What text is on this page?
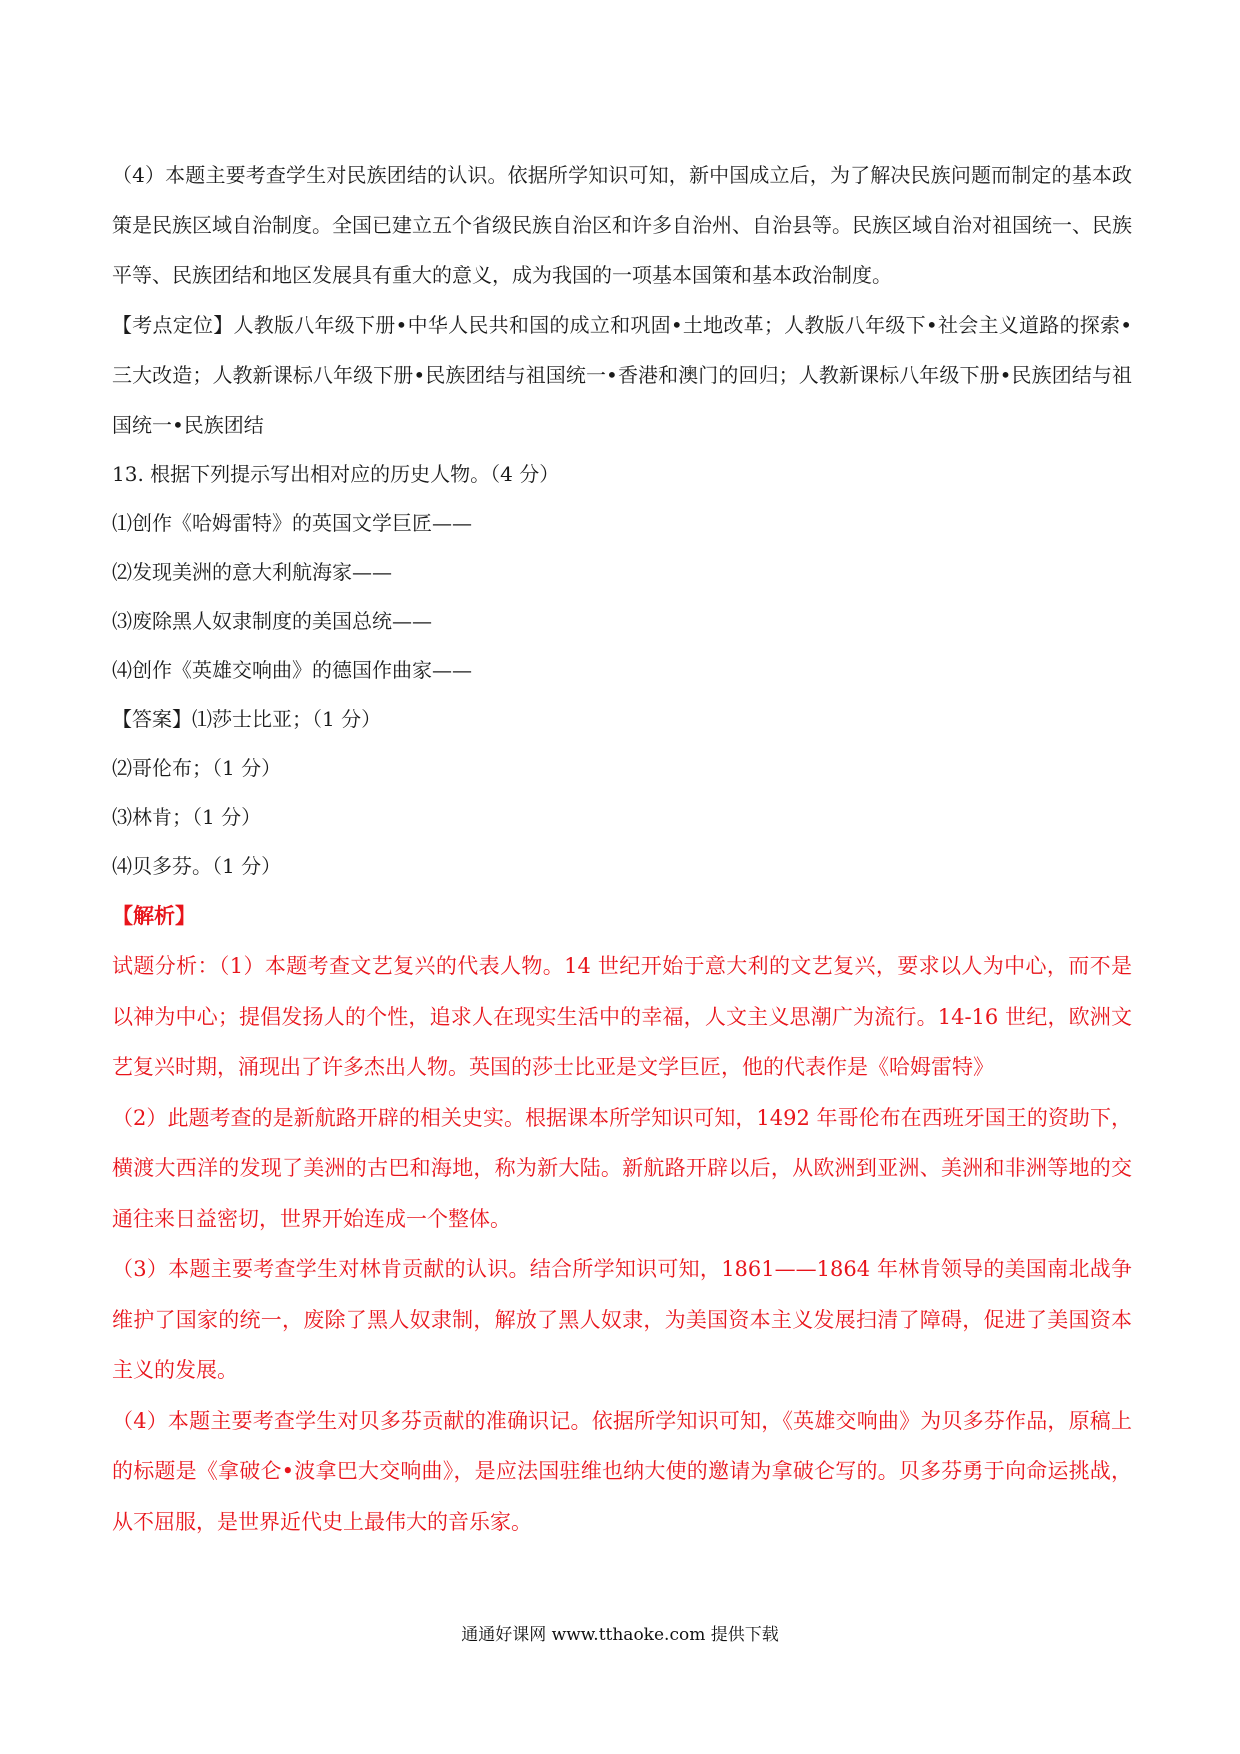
（4）本题主要考查学生对民族团结的认识。依据所学知识可知，新中国成立后，为了解决民族问题而制定的基本政策是民族区域自治制度。全国已建立五个省级民族自治区和许多自治州、自治县等。民族区域自治对祖国统一、民族平等、民族团结和地区发展具有重大的意义，成为我国的一项基本国策和基本政治制度。

【考点定位】人教版八年级下册•中华人民共和国的成立和巩固•土地改革；人教版八年级下•社会主义道路的探索•三大改造；人教新课标八年级下册•民族团结与祖国统一•香港和澳门的回归；人教新课标八年级下册•民族团结与祖国统一•民族团结

13. 根据下列提示写出相对应的历史人物。（4 分）

⑴创作《哈姆雷特》的英国文学巨匠——

⑵发现美洲的意大利航海家——

⑶废除黑人奴隶制度的美国总统——

⑷创作《英雄交响曲》的德国作曲家——

【答案】⑴莎士比亚；（1 分）

⑵哥伦布；（1 分）

⑶林肯；（1 分）

⑷贝多芬。（1 分）

【解析】

试题分析：（1）本题考查文艺复兴的代表人物。14 世纪开始于意大利的文艺复兴，要求以人为中心，而不是以神为中心；提倡发扬人的个性，追求人在现实生活中的幸福，人文主义思潮广为流行。14-16 世纪，欧洲文艺复兴时期，涌现出了许多杰出人物。英国的莎士比亚是文学巨匠，他的代表作是《哈姆雷特》

（2）此题考查的是新航路开辟的相关史实。根据课本所学知识可知，1492 年哥伦布在西班牙国王的资助下，横渡大西洋的发现了美洲的古巴和海地，称为新大陆。新航路开辟以后，从欧洲到亚洲、美洲和非洲等地的交通往来日益密切，世界开始连成一个整体。

（3）本题主要考查学生对林肯贡献的认识。结合所学知识可知，1861——1864 年林肯领导的美国南北战争维护了国家的统一，废除了黑人奴隶制，解放了黑人奴隶，为美国资本主义发展扫清了障碍，促进了美国资本主义的发展。

（4）本题主要考查学生对贝多芬贡献的准确识记。依据所学知识可知，《英雄交响曲》为贝多芬作品，原稿上的标题是《拿破仑•波拿巴大交响曲》，是应法国驻维也纳大使的邀请为拿破仑写的。贝多芬勇于向命运挑战，从不屈服，是世界近代史上最伟大的音乐家。

通通好课网 www.tthaoke.com 提供下载
